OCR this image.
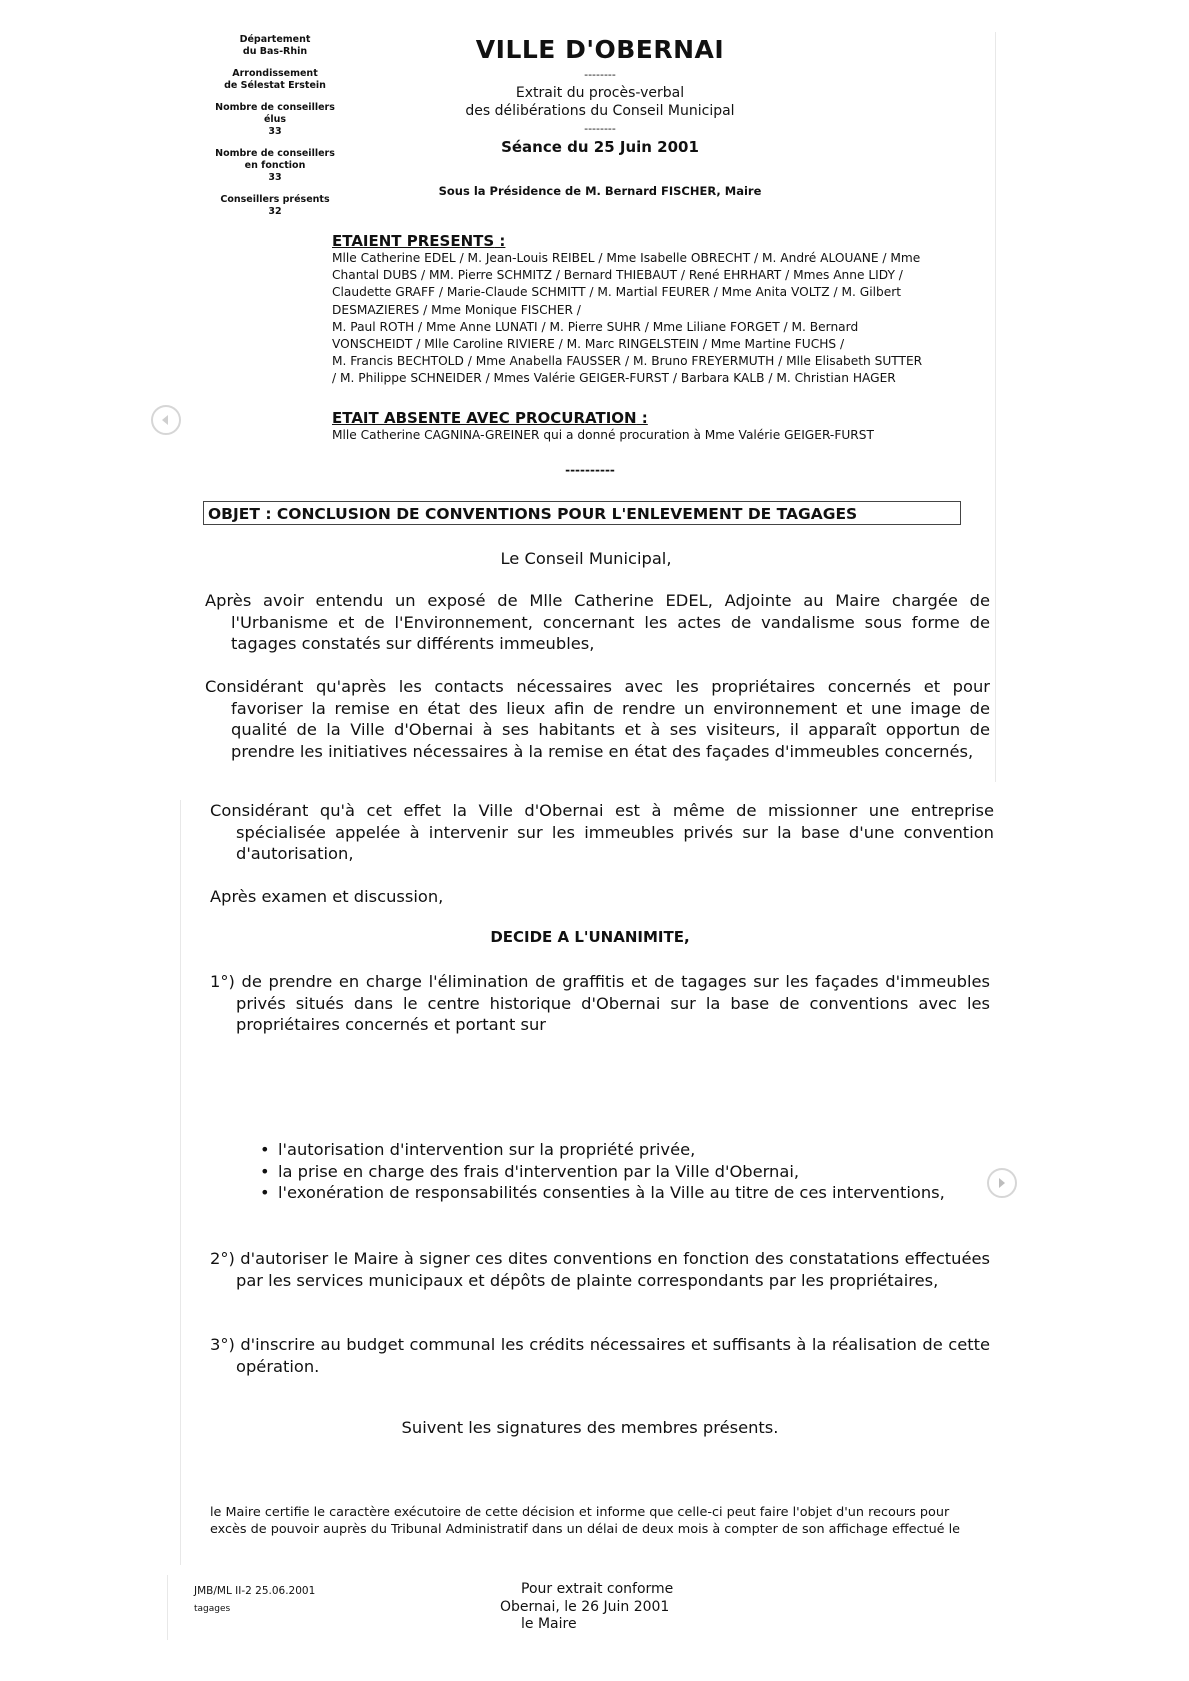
Département
du Bas-Rhin
Arrondissement
de Sélestat Erstein
Nombre de conseillers
élus
33
Nombre de conseillers
en fonction
33
Conseillers présents
32
VILLE D'OBERNAI
--------
Extrait du procès-verbal
des délibérations du Conseil Municipal
--------
Séance du 25 Juin 2001
Sous la Présidence de M. Bernard FISCHER, Maire
ETAIENT PRESENTS :
Mlle Catherine EDEL / M. Jean-Louis REIBEL / Mme Isabelle OBRECHT / M. André ALOUANE / Mme
Chantal DUBS / MM. Pierre SCHMITZ / Bernard THIEBAUT / René EHRHART / Mmes Anne LIDY /
Claudette GRAFF / Marie-Claude SCHMITT / M. Martial FEURER / Mme Anita VOLTZ / M. Gilbert
DESMAZIERES / Mme Monique FISCHER /
M. Paul ROTH / Mme Anne LUNATI / M. Pierre SUHR / Mme Liliane FORGET / M. Bernard
VONSCHEIDT / Mlle Caroline RIVIERE / M. Marc RINGELSTEIN / Mme Martine FUCHS /
M. Francis BECHTOLD / Mme Anabella FAUSSER / M. Bruno FREYERMUTH / Mlle Elisabeth SUTTER
/ M. Philippe SCHNEIDER / Mmes Valérie GEIGER-FURST / Barbara KALB / M. Christian HAGER
ETAIT ABSENTE AVEC PROCURATION :
Mlle Catherine CAGNINA-GREINER qui a donné procuration à Mme Valérie GEIGER-FURST
----------
OBJET : CONCLUSION DE CONVENTIONS POUR L'ENLEVEMENT DE TAGAGES
Le Conseil Municipal,
Après avoir entendu un exposé de Mlle Catherine EDEL, Adjointe au Maire chargée de l'Urbanisme et de l'Environnement, concernant les actes de vandalisme sous forme de tagages constatés sur différents immeubles,
Considérant qu'après les contacts nécessaires avec les propriétaires concernés et pour favoriser la remise en état des lieux afin de rendre un environnement et une image de qualité de la Ville d'Obernai à ses habitants et à ses visiteurs, il apparaît opportun de prendre les initiatives nécessaires à la remise en état des façades d'immeubles concernés,
Considérant qu'à cet effet la Ville d'Obernai est à même de missionner une entreprise spécialisée appelée à intervenir sur les immeubles privés sur la base d'une convention d'autorisation,
Après examen et discussion,
DECIDE A L'UNANIMITE,
1°) de prendre en charge l'élimination de graffitis et de tagages sur les façades d'immeubles privés situés dans le centre historique d'Obernai sur la base de conventions avec les propriétaires concernés et portant sur
• l'autorisation d'intervention sur la propriété privée,
• la prise en charge des frais d'intervention par la Ville d'Obernai,
• l'exonération de responsabilités consenties à la Ville au titre de ces interventions,
2°) d'autoriser le Maire à signer ces dites conventions en fonction des constatations effectuées par les services municipaux et dépôts de plainte correspondants par les propriétaires,
3°) d'inscrire au budget communal les crédits nécessaires et suffisants à la réalisation de cette opération.
Suivent les signatures des membres présents.
le Maire certifie le caractère exécutoire de cette décision et informe que celle-ci peut faire l'objet d'un recours pour excès de pouvoir auprès du Tribunal Administratif dans un délai de deux mois à compter de son affichage effectué le
JMB/ML II-2 25.06.2001
tagages
Pour extrait conforme
Obernai, le 26 Juin 2001
le Maire
